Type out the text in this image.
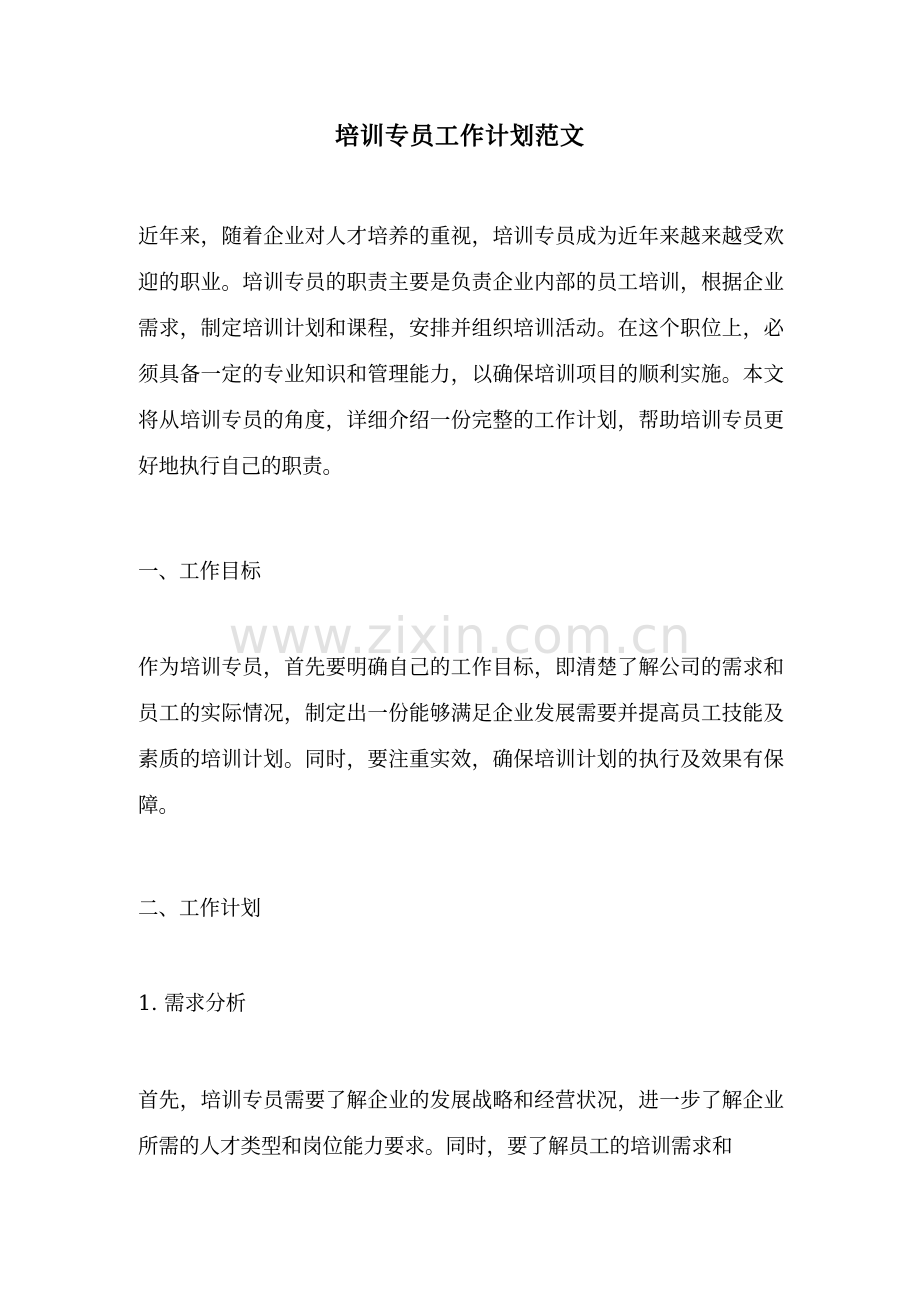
培训专员工作计划范文
近年来，随着企业对人才培养的重视，培训专员成为近年来越来越受欢迎的职业。培训专员的职责主要是负责企业内部的员工培训，根据企业需求，制定培训计划和课程，安排并组织培训活动。在这个职位上，必须具备一定的专业知识和管理能力，以确保培训项目的顺利实施。本文将从培训专员的角度，详细介绍一份完整的工作计划，帮助培训专员更好地执行自己的职责。
一、工作目标
作为培训专员，首先要明确自己的工作目标，即清楚了解公司的需求和员工的实际情况，制定出一份能够满足企业发展需要并提高员工技能及素质的培训计划。同时，要注重实效，确保培训计划的执行及效果有保障。
二、工作计划
1. 需求分析
首先，培训专员需要了解企业的发展战略和经营状况，进一步了解企业所需的人才类型和岗位能力要求。同时，要了解员工的培训需求和
www.zixin.com.cn
